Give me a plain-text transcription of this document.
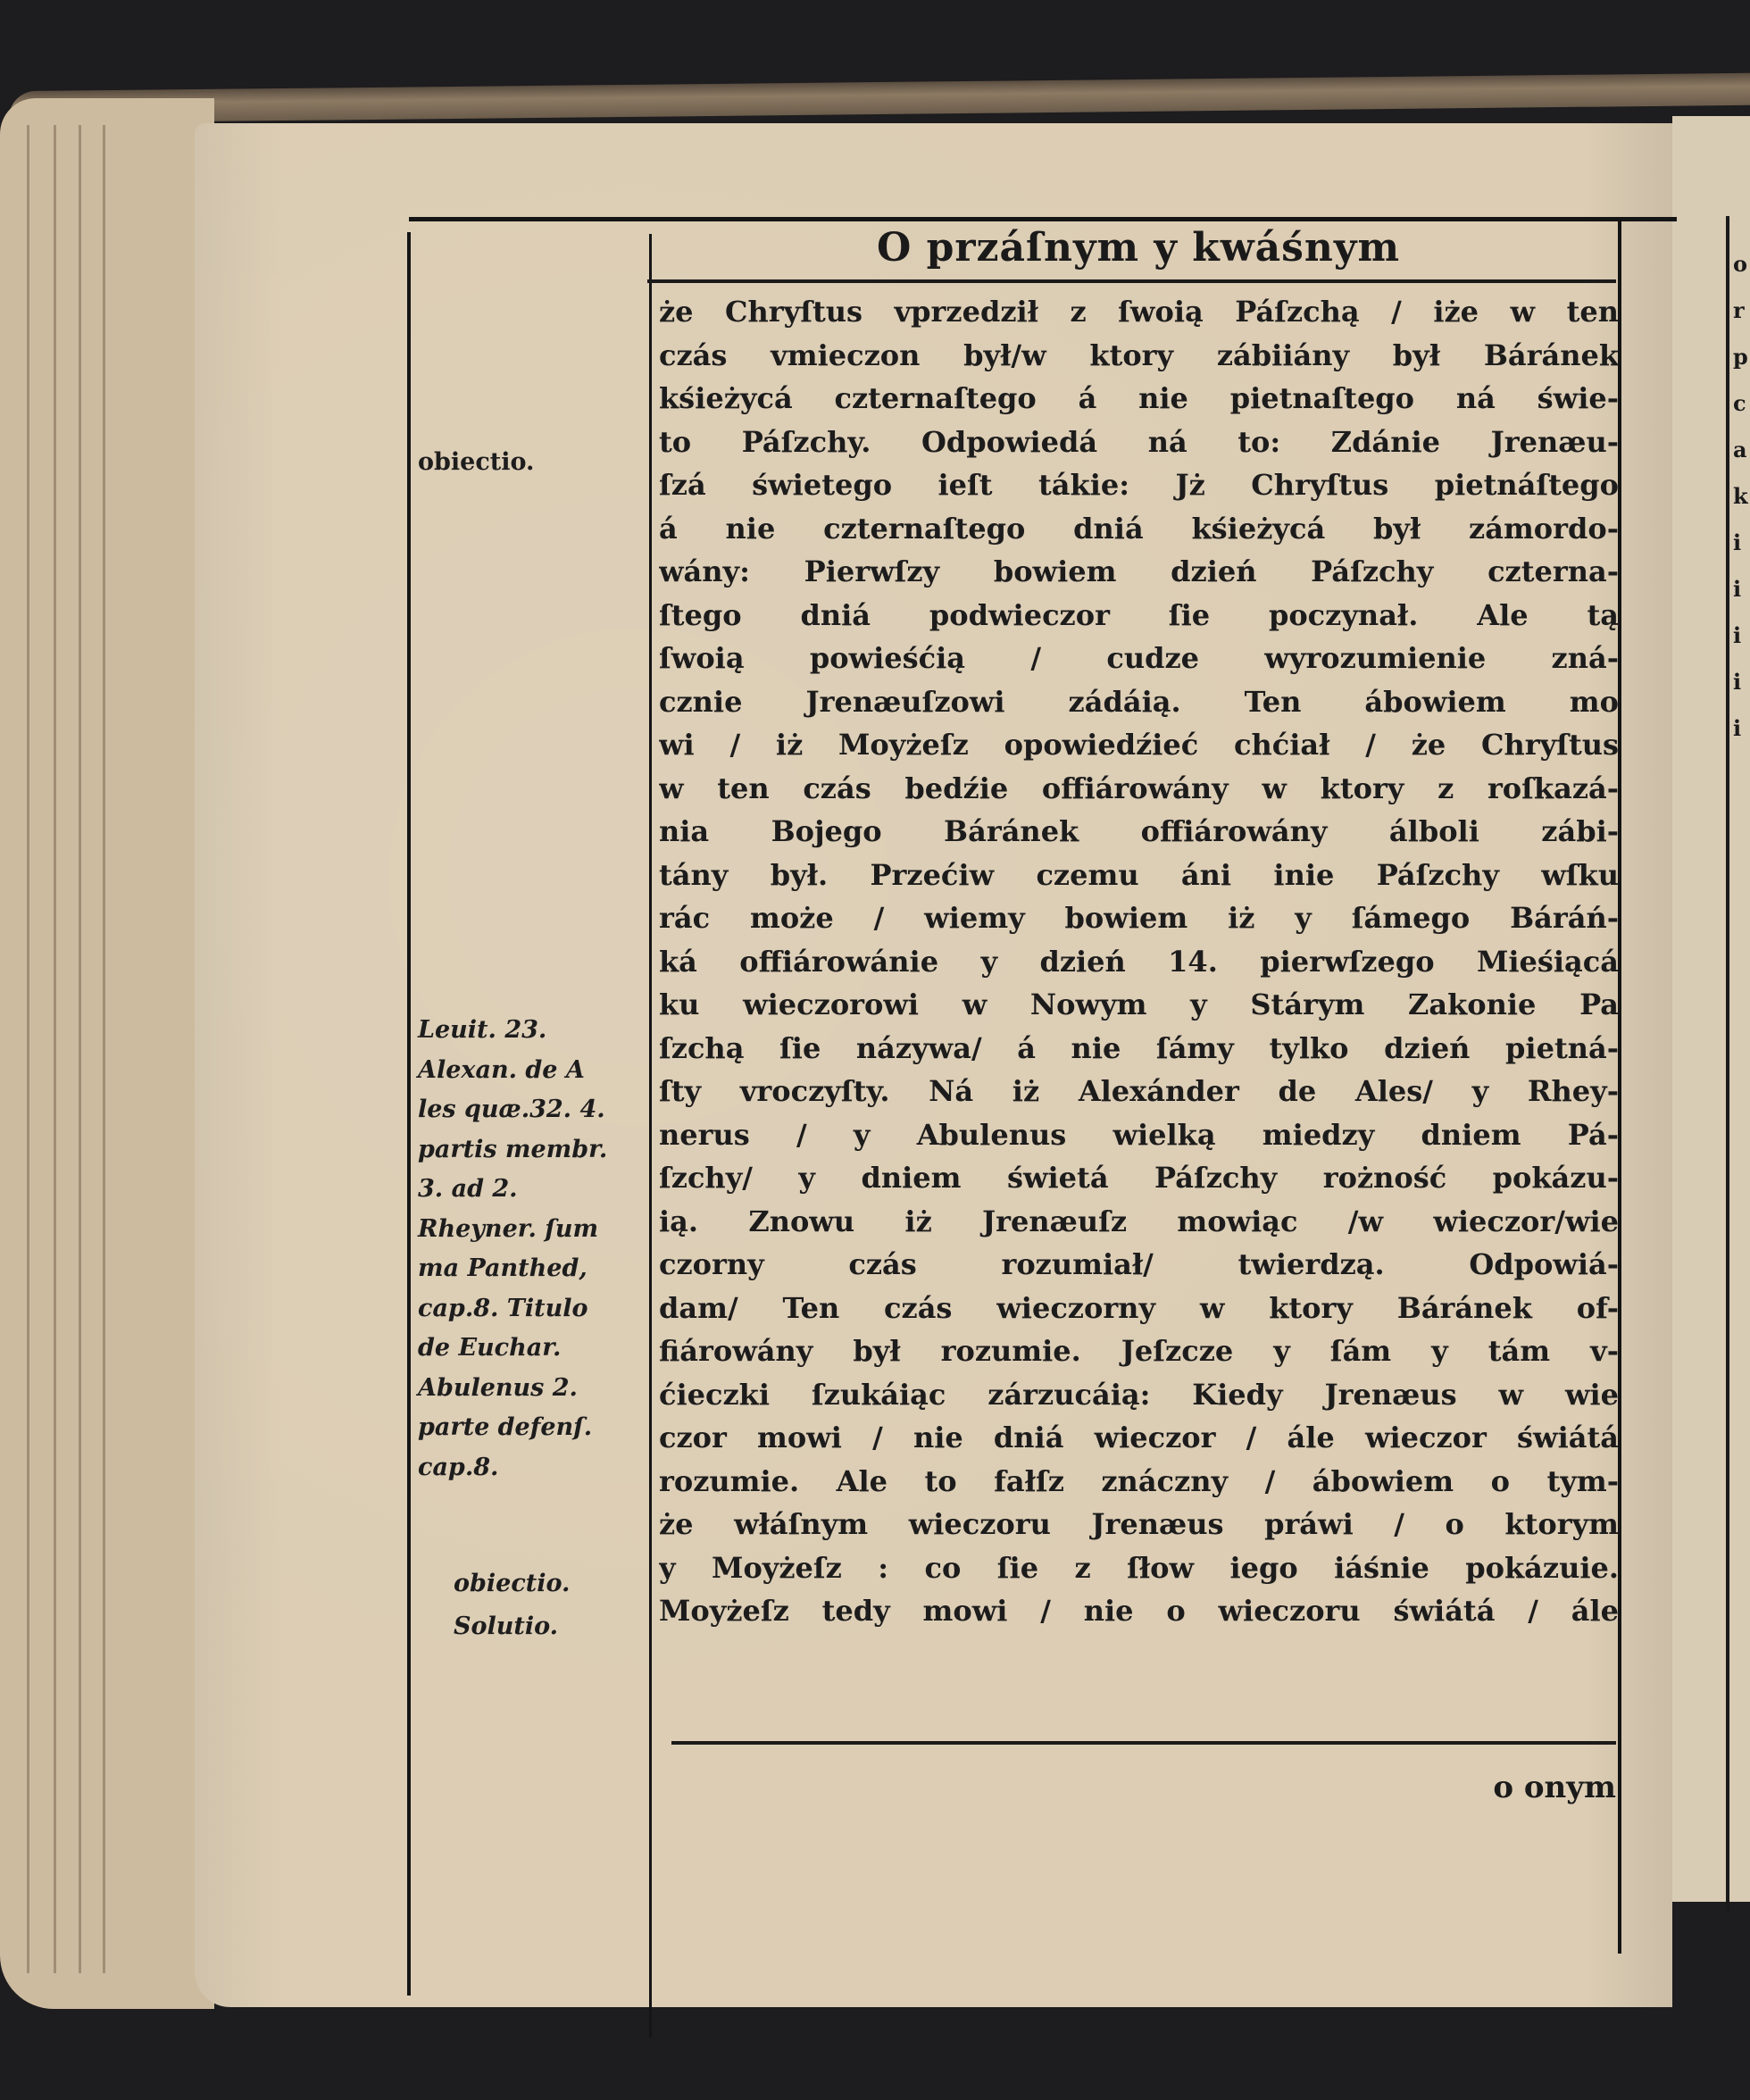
o
r
p
c
a
k
i
i
i
i
i
O przáſnym y kwáśnym
że Chryſtus vprzedził z ſwoią Páſzchą / iże w ten
czás vmieczon był/w ktory zábiiány był Báránek
kśieżycá czternaſtego á nie pietnaſtego ná świe-
to Páſzchy. Odpowiedá ná to: Zdánie Jrenæu-
ſzá świetego ieſt tákie: Jż Chryſtus pietnáſtego
á nie czternaſtego dniá kśieżycá był zámordo-
wány: Pierwſzy bowiem dzień Páſzchy czterna-
ſtego dniá podwieczor ſie poczynał. Ale tą
ſwoią powieśćią / cudze wyrozumienie zná-
cznie Jrenæuſzowi zádáią. Ten ábowiem mo
wi / iż Moyżeſz opowiedźieć chćiał / że Chryſtus
w ten czás bedźie offiárowány w ktory z roſkazá-
nia Bojego Báránek offiárowány álboli zábi-
tány był. Przećiw czemu áni inie Páſzchy wſku
rác może / wiemy bowiem iż y ſámego Báráń-
ká offiárowánie y dzień 14. pierwſzego Mieśiącá
ku wieczorowi w Nowym y Stárym Zakonie Pa
ſzchą ſie názywa/ á nie ſámy tylko dzień pietná-
ſty vroczyſty. Ná iż Alexánder de Ales/ y Rhey-
nerus / y Abulenus wielką miedzy dniem Pá-
ſzchy/ y dniem świetá Páſzchy rożność pokázu-
ią. Znowu iż Jrenæuſz mowiąc /w wieczor/wie
czorny czás rozumiał/ twierdzą. Odpowiá-
dam/ Ten czás wieczorny w ktory Báránek of-
fiárowány był rozumie. Jeſzcze y ſám y tám v-
ćieczki ſzukáiąc zárzucáią: Kiedy Jrenæus w wie
czor mowi / nie dniá wieczor / ále wieczor świátá
rozumie. Ale to fałſz znáczny / ábowiem o tym-
że włáſnym wieczoru Jrenæus práwi / o ktorym
y Moyżeſz : co ſie z ſłow iego iáśnie pokázuie.
Moyżeſz tedy mowi / nie o wieczoru świátá / ále
o onym
obiectio.
Leuit. 23.
Alexan. de A
les quæ.32. 4.
partis membr.
3. ad 2.
Rheyner. ſum
ma Panthed,
cap.8. Titulo
de Euchar.
Abulenus 2.
parte defenſ.
cap.8.
obiectio.
Solutio.
